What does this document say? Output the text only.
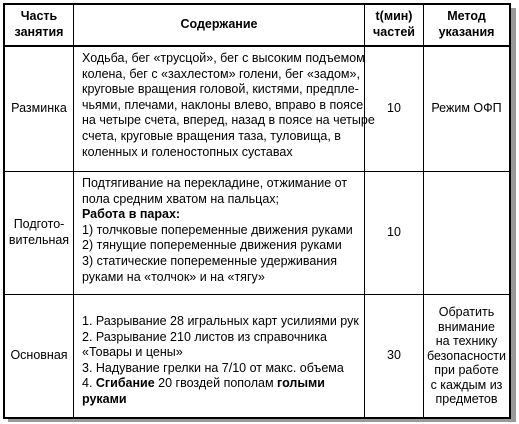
Часть
занятия
Содержание
t(мин)
частей
Метод
указания
Разминка
Ходьба, бег «трусцой», бег с высоким подъемом
колена, бег с «захлестом» голени, бег «задом»,
круговые вращения головой, кистями, предпле-
чьями, плечами, наклоны влево, вправо в поясе
на четыре счета, вперед, назад в поясе на четыре
счета, круговые вращения таза, туловища, в
коленных и голеностопных суставах
10	Режим ОФП
Подгото-
вительная
Подтягивание на перекладине, отжимание от
пола средним хватом на пальцах;
Работа в парах:
1) толчковые попеременные движения руками
2) тянущие попеременные движения руками
3) статические попеременные удерживания
руками на «толчок» и на «тягу»
10
Основная
1. Разрывание 28 игральных карт усилиями рук
2. Разрывание 210 листов из справочника
«Товары и цены»
3. Надувание грелки на 7/10 от макс. объема
4. Сгибание 20 гвоздей пополам голыми
руками
30
Обратить
внимание
на технику
безопасности
при работе
с каждым из
предметов
